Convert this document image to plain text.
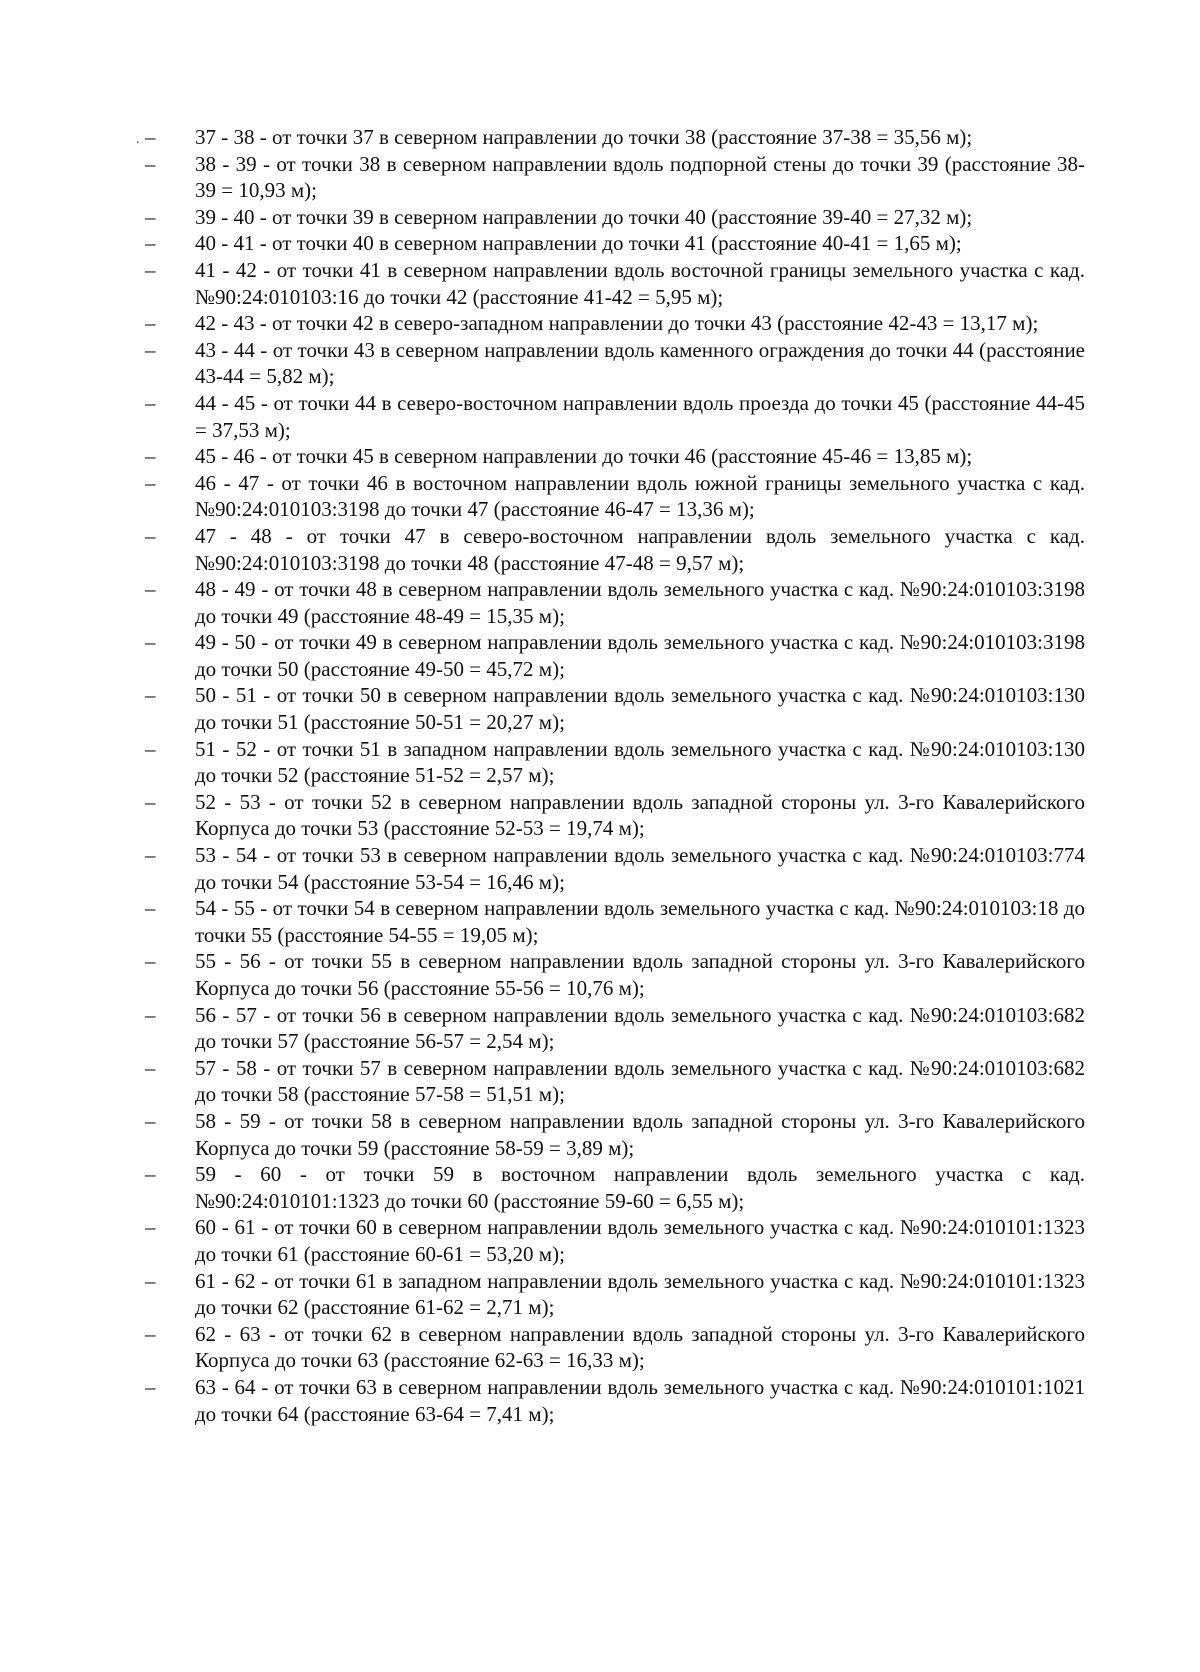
. –	37 - 38 - от точки 37 в северном направлении до точки 38 (расстояние 37-38 = 35,56 м);
–	38 - 39 - от точки 38 в северном направлении вдоль подпорной стены до точки 39 (расстояние 38-39 = 10,93 м);
–	39 - 40 - от точки 39 в северном направлении до точки 40 (расстояние 39-40 = 27,32 м);
–	40 - 41 - от точки 40 в северном направлении до точки 41 (расстояние 40-41 = 1,65 м);
–	41 - 42 - от точки 41 в северном направлении вдоль восточной границы земельного участка с кад. №90:24:010103:16 до точки 42 (расстояние 41-42 = 5,95 м);
–	42 - 43 - от точки 42 в северо-западном направлении до точки 43 (расстояние 42-43 = 13,17 м);
–	43 - 44 - от точки 43 в северном направлении вдоль каменного ограждения до точки 44 (расстояние 43-44 = 5,82 м);
–	44 - 45 - от точки 44 в северо-восточном направлении вдоль проезда до точки 45 (расстояние 44-45 = 37,53 м);
–	45 - 46 - от точки 45 в северном направлении до точки 46 (расстояние 45-46 = 13,85 м);
–	46 - 47 - от точки 46 в восточном направлении вдоль южной границы земельного участка с кад. №90:24:010103:3198 до точки 47 (расстояние 46-47 = 13,36 м);
–	47 - 48 - от точки 47 в северо-восточном направлении вдоль земельного участка с кад. №90:24:010103:3198 до точки 48 (расстояние 47-48 = 9,57 м);
–	48 - 49 - от точки 48 в северном направлении вдоль земельного участка с кад. №90:24:010103:3198 до точки 49 (расстояние 48-49 = 15,35 м);
–	49 - 50 - от точки 49 в северном направлении вдоль земельного участка с кад. №90:24:010103:3198 до точки 50 (расстояние 49-50 = 45,72 м);
–	50 - 51 - от точки 50 в северном направлении вдоль земельного участка с кад. №90:24:010103:130 до точки 51 (расстояние 50-51 = 20,27 м);
–	51 - 52 - от точки 51 в западном направлении вдоль земельного участка с кад. №90:24:010103:130 до точки 52 (расстояние 51-52 = 2,57 м);
–	52 - 53 - от точки 52 в северном направлении вдоль западной стороны ул. 3-го Кавалерийского Корпуса до точки 53 (расстояние 52-53 = 19,74 м);
–	53 - 54 - от точки 53 в северном направлении вдоль земельного участка с кад. №90:24:010103:774 до точки 54 (расстояние 53-54 = 16,46 м);
–	54 - 55 - от точки 54 в северном направлении вдоль земельного участка с кад. №90:24:010103:18 до точки 55 (расстояние 54-55 = 19,05 м);
–	55 - 56 - от точки 55 в северном направлении вдоль западной стороны ул. 3-го Кавалерийского Корпуса до точки 56 (расстояние 55-56 = 10,76 м);
–	56 - 57 - от точки 56 в северном направлении вдоль земельного участка с кад. №90:24:010103:682 до точки 57 (расстояние 56-57 = 2,54 м);
–	57 - 58 - от точки 57 в северном направлении вдоль земельного участка с кад. №90:24:010103:682 до точки 58 (расстояние 57-58 = 51,51 м);
–	58 - 59 - от точки 58 в северном направлении вдоль западной стороны ул. 3-го Кавалерийского Корпуса до точки 59 (расстояние 58-59 = 3,89 м);
–	59 - 60 - от точки 59 в восточном направлении вдоль земельного участка с кад. №90:24:010101:1323 до точки 60 (расстояние 59-60 = 6,55 м);
–	60 - 61 - от точки 60 в северном направлении вдоль земельного участка с кад. №90:24:010101:1323 до точки 61 (расстояние 60-61 = 53,20 м);
–	61 - 62 - от точки 61 в западном направлении вдоль земельного участка с кад. №90:24:010101:1323 до точки 62 (расстояние 61-62 = 2,71 м);
–	62 - 63 - от точки 62 в северном направлении вдоль западной стороны ул. 3-го Кавалерийского Корпуса до точки 63 (расстояние 62-63 = 16,33 м);
–	63 - 64 - от точки 63 в северном направлении вдоль земельного участка с кад. №90:24:010101:1021 до точки 64 (расстояние 63-64 = 7,41 м);
